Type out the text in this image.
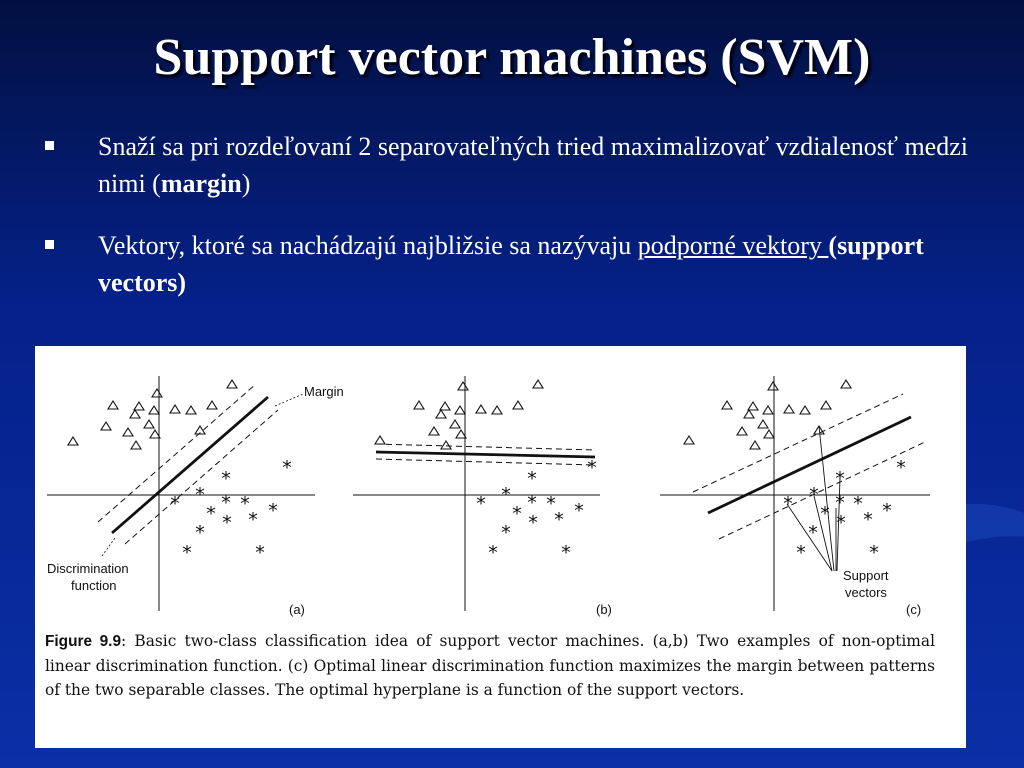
Support vector machines (SVM)
Snaží sa pri rozdeľovaní 2 separovateľných tried maximalizovať vzdialenosť medzi nimi (margin)
Vektory, ktoré sa nachádzajú najbližsie sa nazývaju podporné vektory (support vectors)
Margin
Discrimination
function
*
*
*
* * * *
* *
*
*
*	*
(a)
*
*
*
* * * *
* *
*
*
*	*
(b)
Support
vectors
*
*
*
* * * *
* *
*
*
*	*
(c)
Figure 9.9: Basic two-class classification idea of support vector machines. (a,b) Two examples of non-optimal linear discrimination function. (c) Optimal linear discrimination function maximizes the margin between patterns of the two separable classes. The optimal hyperplane is a function of the support vectors.
